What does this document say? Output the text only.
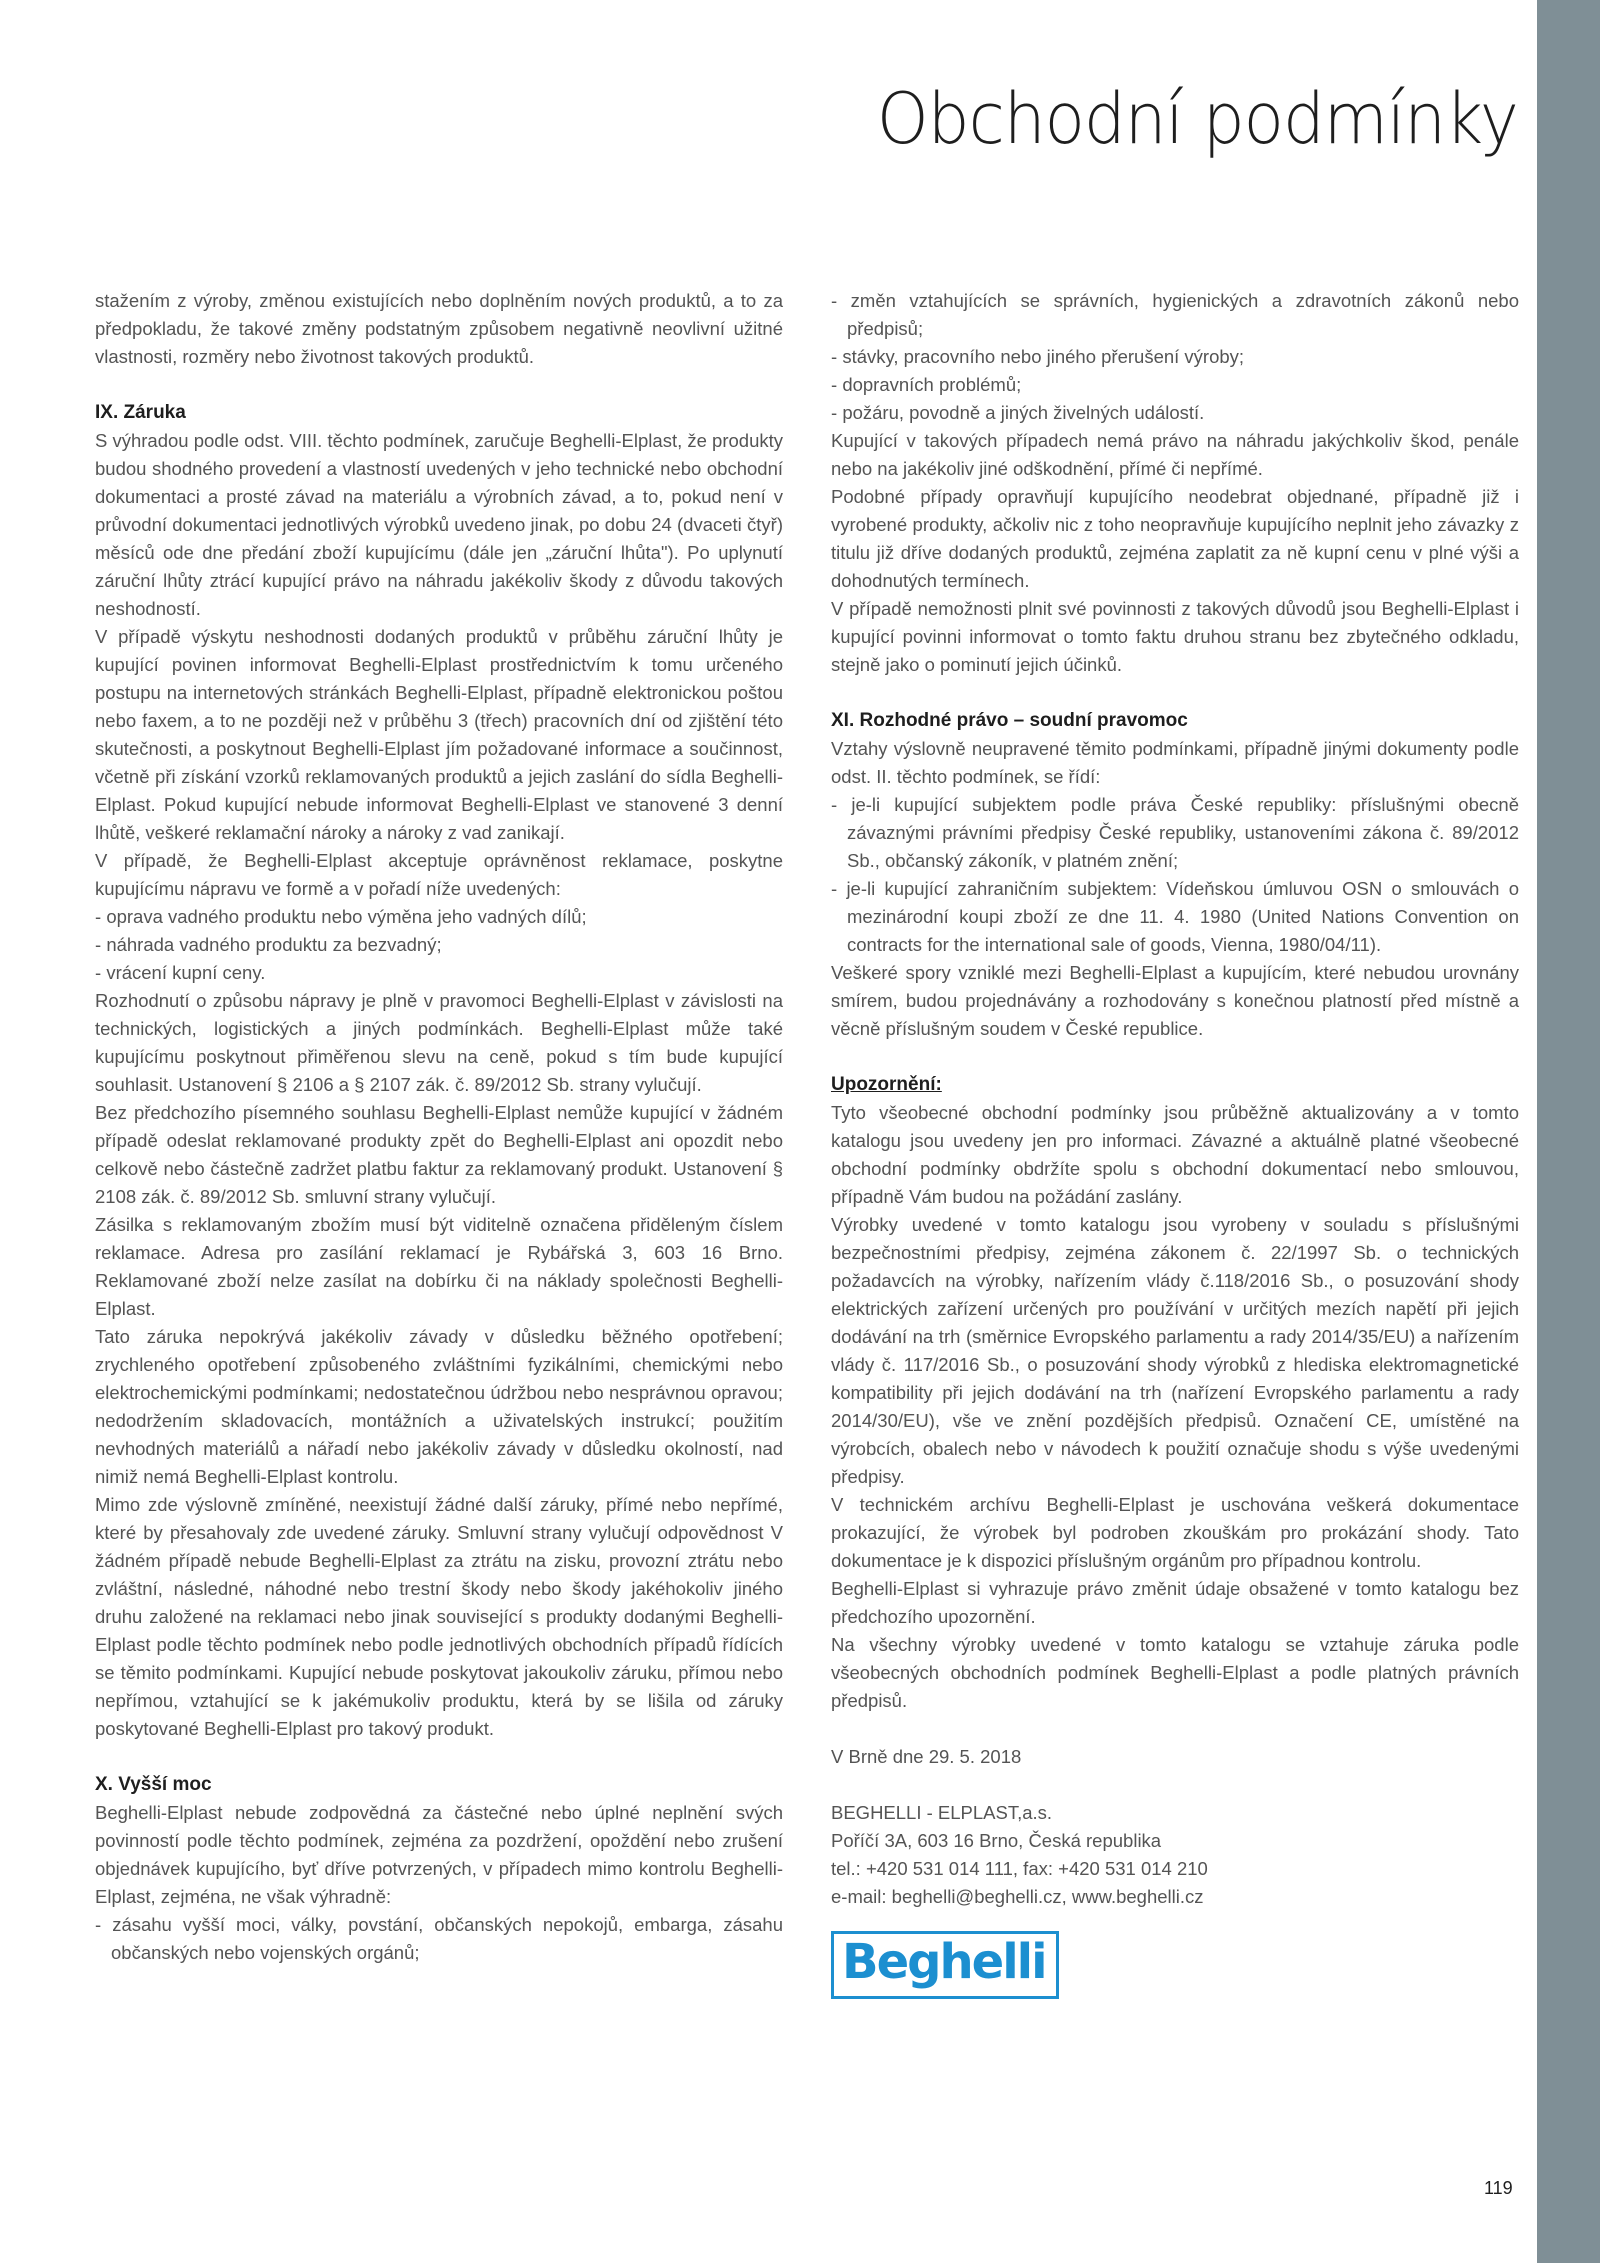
Obchodní podmínky

stažením z výroby, změnou existujících nebo doplněním nových produktů, a to za předpokladu, že takové změny podstatným způsobem negativně neovlivní užitné vlastnosti, rozměry nebo životnost takových produktů.

IX. Záruka

S výhradou podle odst. VIII. těchto podmínek, zaručuje Beghelli-Elplast, že produkty budou shodného provedení a vlastností uvedených v jeho technické nebo obchodní dokumentaci a prosté závad na materiálu a výrobních závad, a to, pokud není v průvodní dokumentaci jednotlivých výrobků uvedeno jinak, po dobu 24 (dvaceti čtyř) měsíců ode dne předání zboží kupujícímu (dále jen „záruční lhůta"). Po uplynutí záruční lhůty ztrácí kupující právo na náhradu jakékoliv škody z důvodu takových neshodností.

V případě výskytu neshodnosti dodaných produktů v průběhu záruční lhůty je kupující povinen informovat Beghelli-Elplast prostřednictvím k tomu určeného postupu na internetových stránkách Beghelli-Elplast, případně elektronickou poštou nebo faxem, a to ne později než v průběhu 3 (třech) pracovních dní od zjištění této skutečnosti, a poskytnout Beghelli-Elplast jím požadované informace a součinnost, včetně při získání vzorků reklamovaných produktů a jejich zaslání do sídla Beghelli-Elplast. Pokud kupující nebude informovat Beghelli-Elplast ve stanovené 3 denní lhůtě, veškeré reklamační nároky a nároky z vad zanikají.

V případě, že Beghelli-Elplast akceptuje oprávněnost reklamace, poskytne kupujícímu nápravu ve formě a v pořadí níže uvedených:

- oprava vadného produktu nebo výměna jeho vadných dílů;

- náhrada vadného produktu za bezvadný;

- vrácení kupní ceny.

Rozhodnutí o způsobu nápravy je plně v pravomoci Beghelli-Elplast v závislosti na technických, logistických a jiných podmínkách. Beghelli-Elplast může také kupujícímu poskytnout přiměřenou slevu na ceně, pokud s tím bude kupující souhlasit. Ustanovení § 2106 a § 2107 zák. č. 89/2012 Sb. strany vylučují.

Bez předchozího písemného souhlasu Beghelli-Elplast nemůže kupující v žádném případě odeslat reklamované produkty zpět do Beghelli-Elplast ani opozdit nebo celkově nebo částečně zadržet platbu faktur za reklamovaný produkt. Ustanovení § 2108 zák. č. 89/2012 Sb. smluvní strany vylučují.

Zásilka s reklamovaným zbožím musí být viditelně označena přiděleným číslem reklamace. Adresa pro zasílání reklamací je Rybářská 3, 603 16 Brno. Reklamované zboží nelze zasílat na dobírku či na náklady společnosti Beghelli-Elplast.

Tato záruka nepokrývá jakékoliv závady v důsledku běžného opotřebení; zrychleného opotřebení způsobeného zvláštními fyzikálními, chemickými nebo elektrochemickými podmínkami; nedostatečnou údržbou nebo nesprávnou opravou; nedodržením skladovacích, montážních a uživatelských instrukcí; použitím nevhodných materiálů a nářadí nebo jakékoliv závady v důsledku okolností, nad nimiž nemá Beghelli-Elplast kontrolu.

Mimo zde výslovně zmíněné, neexistují žádné další záruky, přímé nebo nepřímé, které by přesahovaly zde uvedené záruky. Smluvní strany vylučují odpovědnost V žádném případě nebude Beghelli-Elplast za ztrátu na zisku, provozní ztrátu nebo zvláštní, následné, náhodné nebo trestní škody nebo škody jakéhokoliv jiného druhu založené na reklamaci nebo jinak související s produkty dodanými Beghelli-Elplast podle těchto podmínek nebo podle jednotlivých obchodních případů řídících se těmito podmínkami. Kupující nebude poskytovat jakoukoliv záruku, přímou nebo nepřímou, vztahující se k jakémukoliv produktu, která by se lišila od záruky poskytované Beghelli-Elplast pro takový produkt.

X. Vyšší moc

Beghelli-Elplast nebude zodpovědná za částečné nebo úplné neplnění svých povinností podle těchto podmínek, zejména za pozdržení, opoždění nebo zrušení objednávek kupujícího, byť dříve potvrzených, v případech mimo kontrolu Beghelli-Elplast, zejména, ne však výhradně:

- zásahu vyšší moci, války, povstání, občanských nepokojů, embarga, zásahu občanských nebo vojenských orgánů;

- změn vztahujících se správních, hygienických a zdravotních zákonů nebo předpisů;

- stávky, pracovního nebo jiného přerušení výroby;

- dopravních problémů;

- požáru, povodně a jiných živelných událostí.

Kupující v takových případech nemá právo na náhradu jakýchkoliv škod, penále nebo na jakékoliv jiné odškodnění, přímé či nepřímé.

Podobné případy opravňují kupujícího neodebrat objednané, případně již i vyrobené produkty, ačkoliv nic z toho neopravňuje kupujícího neplnit jeho závazky z titulu již dříve dodaných produktů, zejména zaplatit za ně kupní cenu v plné výši a dohodnutých termínech.

V případě nemožnosti plnit své povinnosti z takových důvodů jsou Beghelli-Elplast i kupující povinni informovat o tomto faktu druhou stranu bez zbytečného odkladu, stejně jako o pominutí jejich účinků.

XI. Rozhodné právo – soudní pravomoc

Vztahy výslovně neupravené těmito podmínkami, případně jinými dokumenty podle odst. II. těchto podmínek, se řídí:

- je-li kupující subjektem podle práva České republiky: příslušnými obecně závaznými právními předpisy České republiky, ustanoveními zákona č. 89/2012 Sb., občanský zákoník, v platném znění;

- je-li kupující zahraničním subjektem: Vídeňskou úmluvou OSN o smlouvách o mezinárodní koupi zboží ze dne 11. 4. 1980 (United Nations Convention on contracts for the international sale of goods, Vienna, 1980/04/11).

Veškeré spory vzniklé mezi Beghelli-Elplast a kupujícím, které nebudou urovnány smírem, budou projednávány a rozhodovány s konečnou platností před místně a věcně příslušným soudem v České republice.

Upozornění:

Tyto všeobecné obchodní podmínky jsou průběžně aktualizovány a v tomto katalogu jsou uvedeny jen pro informaci. Závazné a aktuálně platné všeobecné obchodní podmínky obdržíte spolu s obchodní dokumentací nebo smlouvou, případně Vám budou na požádání zaslány.

Výrobky uvedené v tomto katalogu jsou vyrobeny v souladu s příslušnými bezpečnostními předpisy, zejména zákonem č. 22/1997 Sb. o technických požadavcích na výrobky, nařízením vlády č.118/2016 Sb., o posuzování shody elektrických zařízení určených pro používání v určitých mezích napětí při jejich dodávání na trh (směrnice Evropského parlamentu a rady 2014/35/EU) a nařízením vlády č. 117/2016 Sb., o posuzování shody výrobků z hlediska elektromagnetické kompatibility při jejich dodávání na trh (nařízení Evropského parlamentu a rady 2014/30/EU), vše ve znění pozdějších předpisů. Označení CE, umístěné na výrobcích, obalech nebo v návodech k použití označuje shodu s výše uvedenými předpisy.

V technickém archívu Beghelli-Elplast je uschována veškerá dokumentace prokazující, že výrobek byl podroben zkouškám pro prokázání shody. Tato dokumentace je k dispozici příslušným orgánům pro případnou kontrolu.

Beghelli-Elplast si vyhrazuje právo změnit údaje obsažené v tomto katalogu bez předchozího upozornění.

Na všechny výrobky uvedené v tomto katalogu se vztahuje záruka podle všeobecných obchodních podmínek Beghelli-Elplast a podle platných právních předpisů.

V Brně dne 29. 5. 2018

BEGHELLI - ELPLAST,a.s.

Poříčí 3A, 603 16 Brno, Česká republika

tel.: +420 531 014 111, fax: +420 531 014 210

e-mail: beghelli@beghelli.cz, www.beghelli.cz

Beghelli
119
